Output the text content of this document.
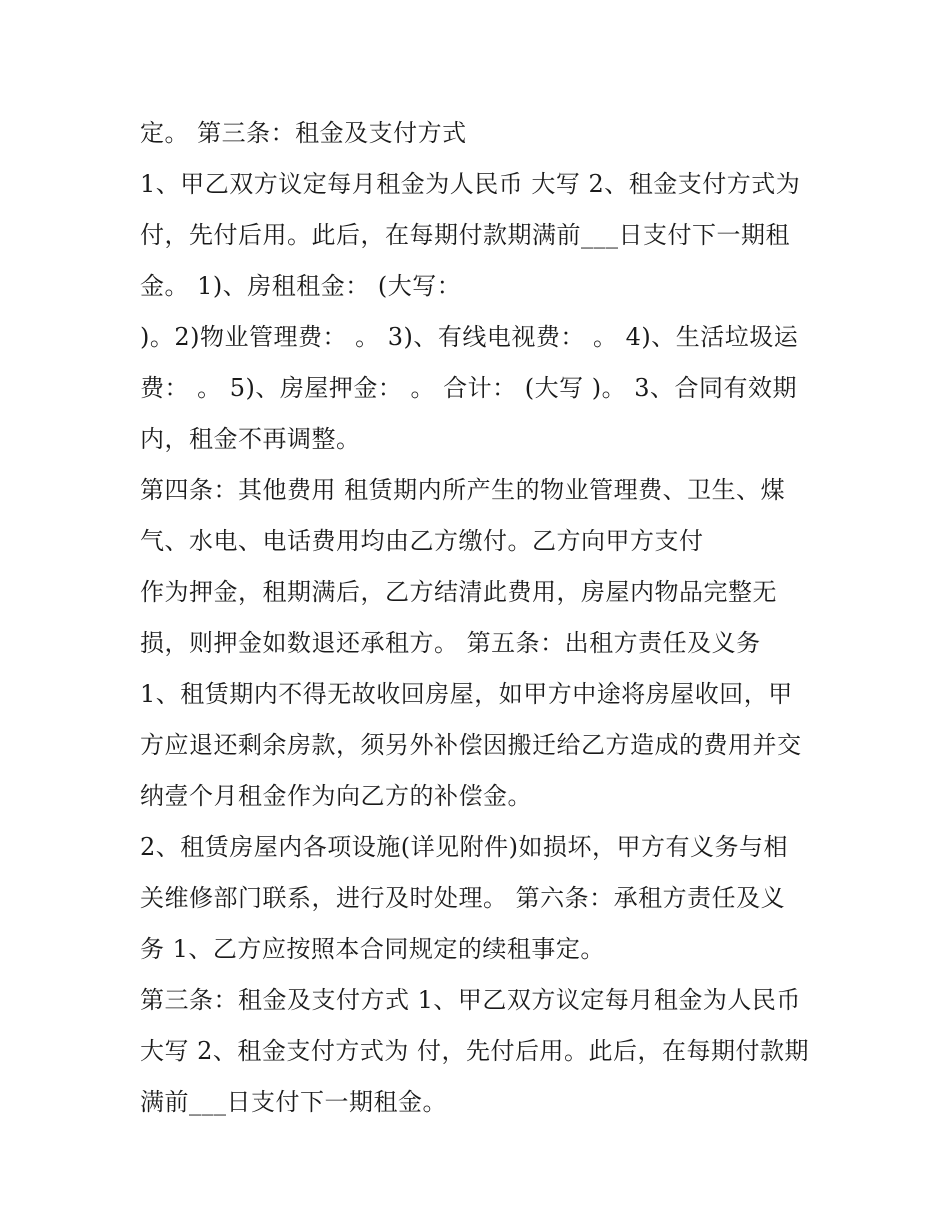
定。 第三条：租金及支付方式
1、甲乙双方议定每月租金为人民币 大写 2、租金支付方式为
付，先付后用。此后，在每期付款期满前___日支付下一期租
金。 1)、房租租金： (大写：
)。2)物业管理费： 。 3)、有线电视费： 。 4)、生活垃圾运
费： 。 5)、房屋押金： 。 合计： (大写 )。 3、合同有效期
内，租金不再调整。
第四条：其他费用 租赁期内所产生的物业管理费、卫生、煤
气、水电、电话费用均由乙方缴付。乙方向甲方支付
作为押金，租期满后，乙方结清此费用，房屋内物品完整无
损，则押金如数退还承租方。 第五条：出租方责任及义务
1、租赁期内不得无故收回房屋，如甲方中途将房屋收回，甲
方应退还剩余房款，须另外补偿因搬迁给乙方造成的费用并交
纳壹个月租金作为向乙方的补偿金。
2、租赁房屋内各项设施(详见附件)如损坏，甲方有义务与相
关维修部门联系，进行及时处理。 第六条：承租方责任及义
务 1、乙方应按照本合同规定的续租事定。
第三条：租金及支付方式 1、甲乙双方议定每月租金为人民币
大写 2、租金支付方式为 付，先付后用。此后，在每期付款期
满前___日支付下一期租金。
